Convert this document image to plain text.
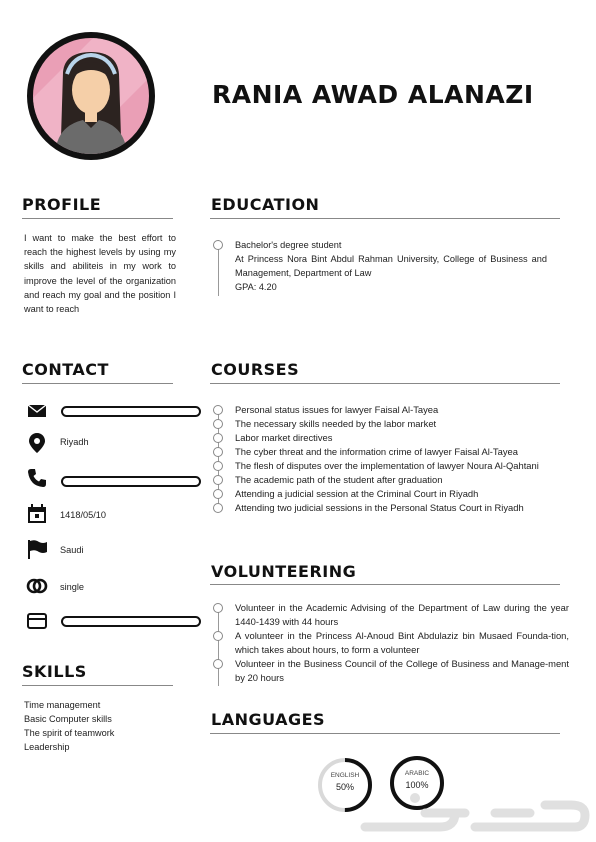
RANIA AWAD ALANAZI
PROFILE
I want to make the best effort to reach the highest levels by using my skills and abiliteis in my work to improve the level of the organization and reach my goal and the position I want to reach
EDUCATION
Bachelor's degree student
At Princess Nora Bint Abdul Rahman University, College of Business and Management, Department of Law
GPA: 4.20
CONTACT
Riyadh
1418/05/10
Saudi
single
SKILLS
Time management
Basic Computer skills
The spirit of teamwork
Leadership
COURSES
Personal status issues for lawyer Faisal Al-Tayea
The necessary skills needed by the labor market
Labor market directives
The cyber threat and the information crime of lawyer Faisal Al-Tayea
The flesh of disputes over the implementation of lawyer Noura Al-Qahtani
The academic path of the student after graduation
Attending a judicial session at the Criminal Court in Riyadh
Attending two judicial sessions in the Personal Status Court in Riyadh
VOLUNTEERING
Volunteer in the Academic Advising of the Department of Law during the year 1440-1439 with 44 hours
A volunteer in the Princess Al-Anoud Bint Abdulaziz bin Musaed Founda-tion, which takes about hours, to form a volunteer
Volunteer in the Business Council of the College of Business and Manage-ment by 20 hours
LANGUAGES
ENGLISH
50%
ARABIC
100%
